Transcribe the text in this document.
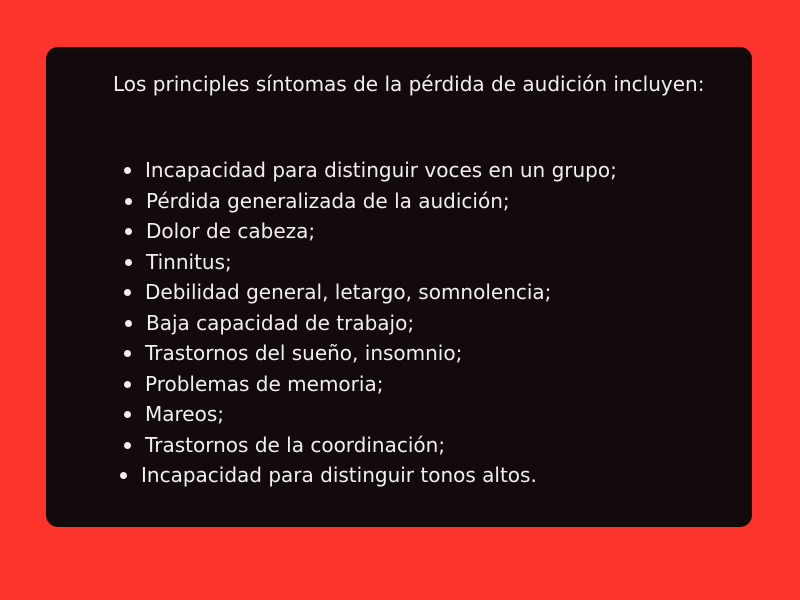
Los principles síntomas de la pérdida de audición incluyen:

Incapacidad para distinguir voces en un grupo;
Pérdida generalizada de la audición;
Dolor de cabeza;
Tinnitus;
Debilidad general, letargo, somnolencia;
Baja capacidad de trabajo;
Trastornos del sueño, insomnio;
Problemas de memoria;
Mareos;
Trastornos de la coordinación;
Incapacidad para distinguir tonos altos.
